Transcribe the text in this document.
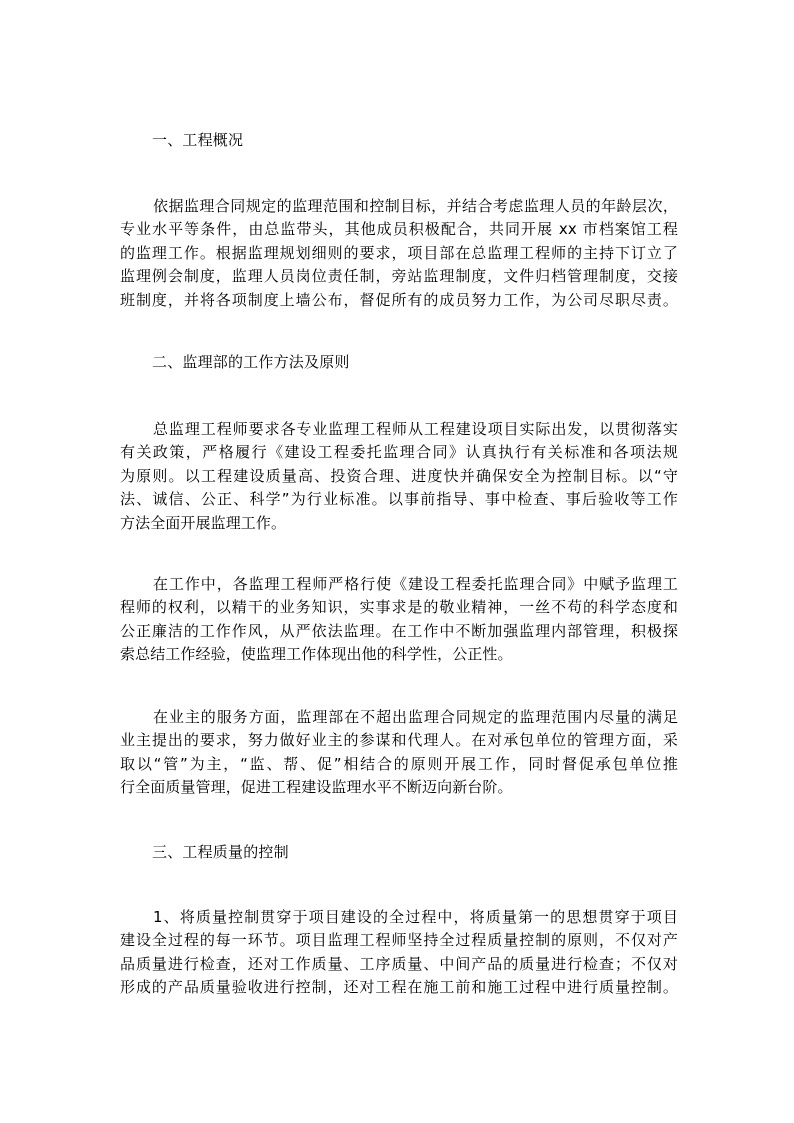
一、工程概况
依据监理合同规定的监理范围和控制目标，并结合考虑监理人员的年龄层次，
专业水平等条件，由总监带头，其他成员积极配合，共同开展 xx 市档案馆工程
的监理工作。根据监理规划细则的要求，项目部在总监理工程师的主持下订立了
监理例会制度，监理人员岗位责任制，旁站监理制度，文件归档管理制度，交接
班制度，并将各项制度上墙公布，督促所有的成员努力工作，为公司尽职尽责。
二、监理部的工作方法及原则
总监理工程师要求各专业监理工程师从工程建设项目实际出发，以贯彻落实
有关政策，严格履行《建设工程委托监理合同》认真执行有关标准和各项法规
为原则。以工程建设质量高、投资合理、进度快并确保安全为控制目标。以“守
法、诚信、公正、科学”为行业标准。以事前指导、事中检查、事后验收等工作
方法全面开展监理工作。
在工作中，各监理工程师严格行使《建设工程委托监理合同》中赋予监理工
程师的权利，以精干的业务知识，实事求是的敬业精神，一丝不苟的科学态度和
公正廉洁的工作作风，从严依法监理。在工作中不断加强监理内部管理，积极探
索总结工作经验，使监理工作体现出他的科学性，公正性。
在业主的服务方面，监理部在不超出监理合同规定的监理范围内尽量的满足
业主提出的要求，努力做好业主的参谋和代理人。在对承包单位的管理方面，采
取以“管”为主，“监、帮、促”相结合的原则开展工作，同时督促承包单位推
行全面质量管理，促进工程建设监理水平不断迈向新台阶。
三、工程质量的控制
1、将质量控制贯穿于项目建设的全过程中，将质量第一的思想贯穿于项目
建设全过程的每一环节。项目监理工程师坚持全过程质量控制的原则，不仅对产
品质量进行检查，还对工作质量、工序质量、中间产品的质量进行检查；不仅对
形成的产品质量验收进行控制，还对工程在施工前和施工过程中进行质量控制。
